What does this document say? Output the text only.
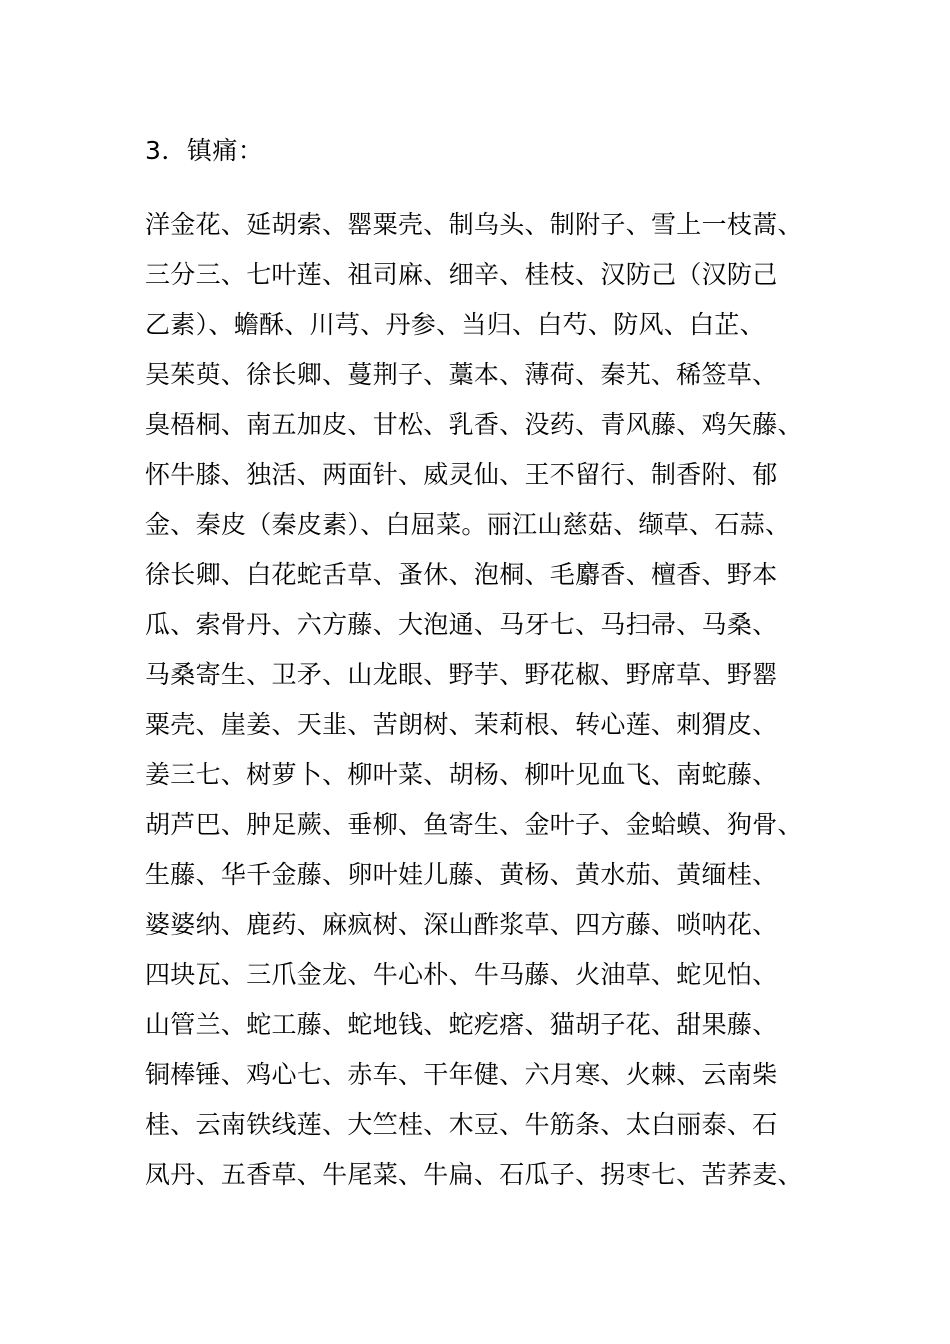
3．镇痛：
洋金花、延胡索、罂粟壳、制乌头、制附子、雪上一枝蒿、
三分三、七叶莲、祖司麻、细辛、桂枝、汉防己（汉防己
乙素）、蟾酥、川芎、丹参、当归、白芍、防风、白芷、
吴茱萸、徐长卿、蔓荆子、藁本、薄荷、秦艽、稀签草、
臭梧桐、南五加皮、甘松、乳香、没药、青风藤、鸡矢藤、
怀牛膝、独活、两面针、威灵仙、王不留行、制香附、郁
金、秦皮（秦皮素）、白屈菜。丽江山慈菇、缬草、石蒜、
徐长卿、白花蛇舌草、蚤休、泡桐、毛麝香、檀香、野本
瓜、索骨丹、六方藤、大泡通、马牙七、马扫帚、马桑、
马桑寄生、卫矛、山龙眼、野芋、野花椒、野席草、野罂
粟壳、崖姜、天韭、苦朗树、茉莉根、转心莲、刺猬皮、
姜三七、树萝卜、柳叶菜、胡杨、柳叶见血飞、南蛇藤、
胡芦巴、肿足蕨、垂柳、鱼寄生、金叶子、金蛤蟆、狗骨、
生藤、华千金藤、卵叶娃儿藤、黄杨、黄水茄、黄缅桂、
婆婆纳、鹿药、麻疯树、深山酢浆草、四方藤、唢呐花、
四块瓦、三爪金龙、牛心朴、牛马藤、火油草、蛇见怕、
山管兰、蛇工藤、蛇地钱、蛇疙瘩、猫胡子花、甜果藤、
铜棒锤、鸡心七、赤车、干年健、六月寒、火棘、云南柴
桂、云南铁线莲、大竺桂、木豆、牛筋条、太白丽泰、石
凤丹、五香草、牛尾菜、牛扁、石瓜子、拐枣七、苦荞麦、
